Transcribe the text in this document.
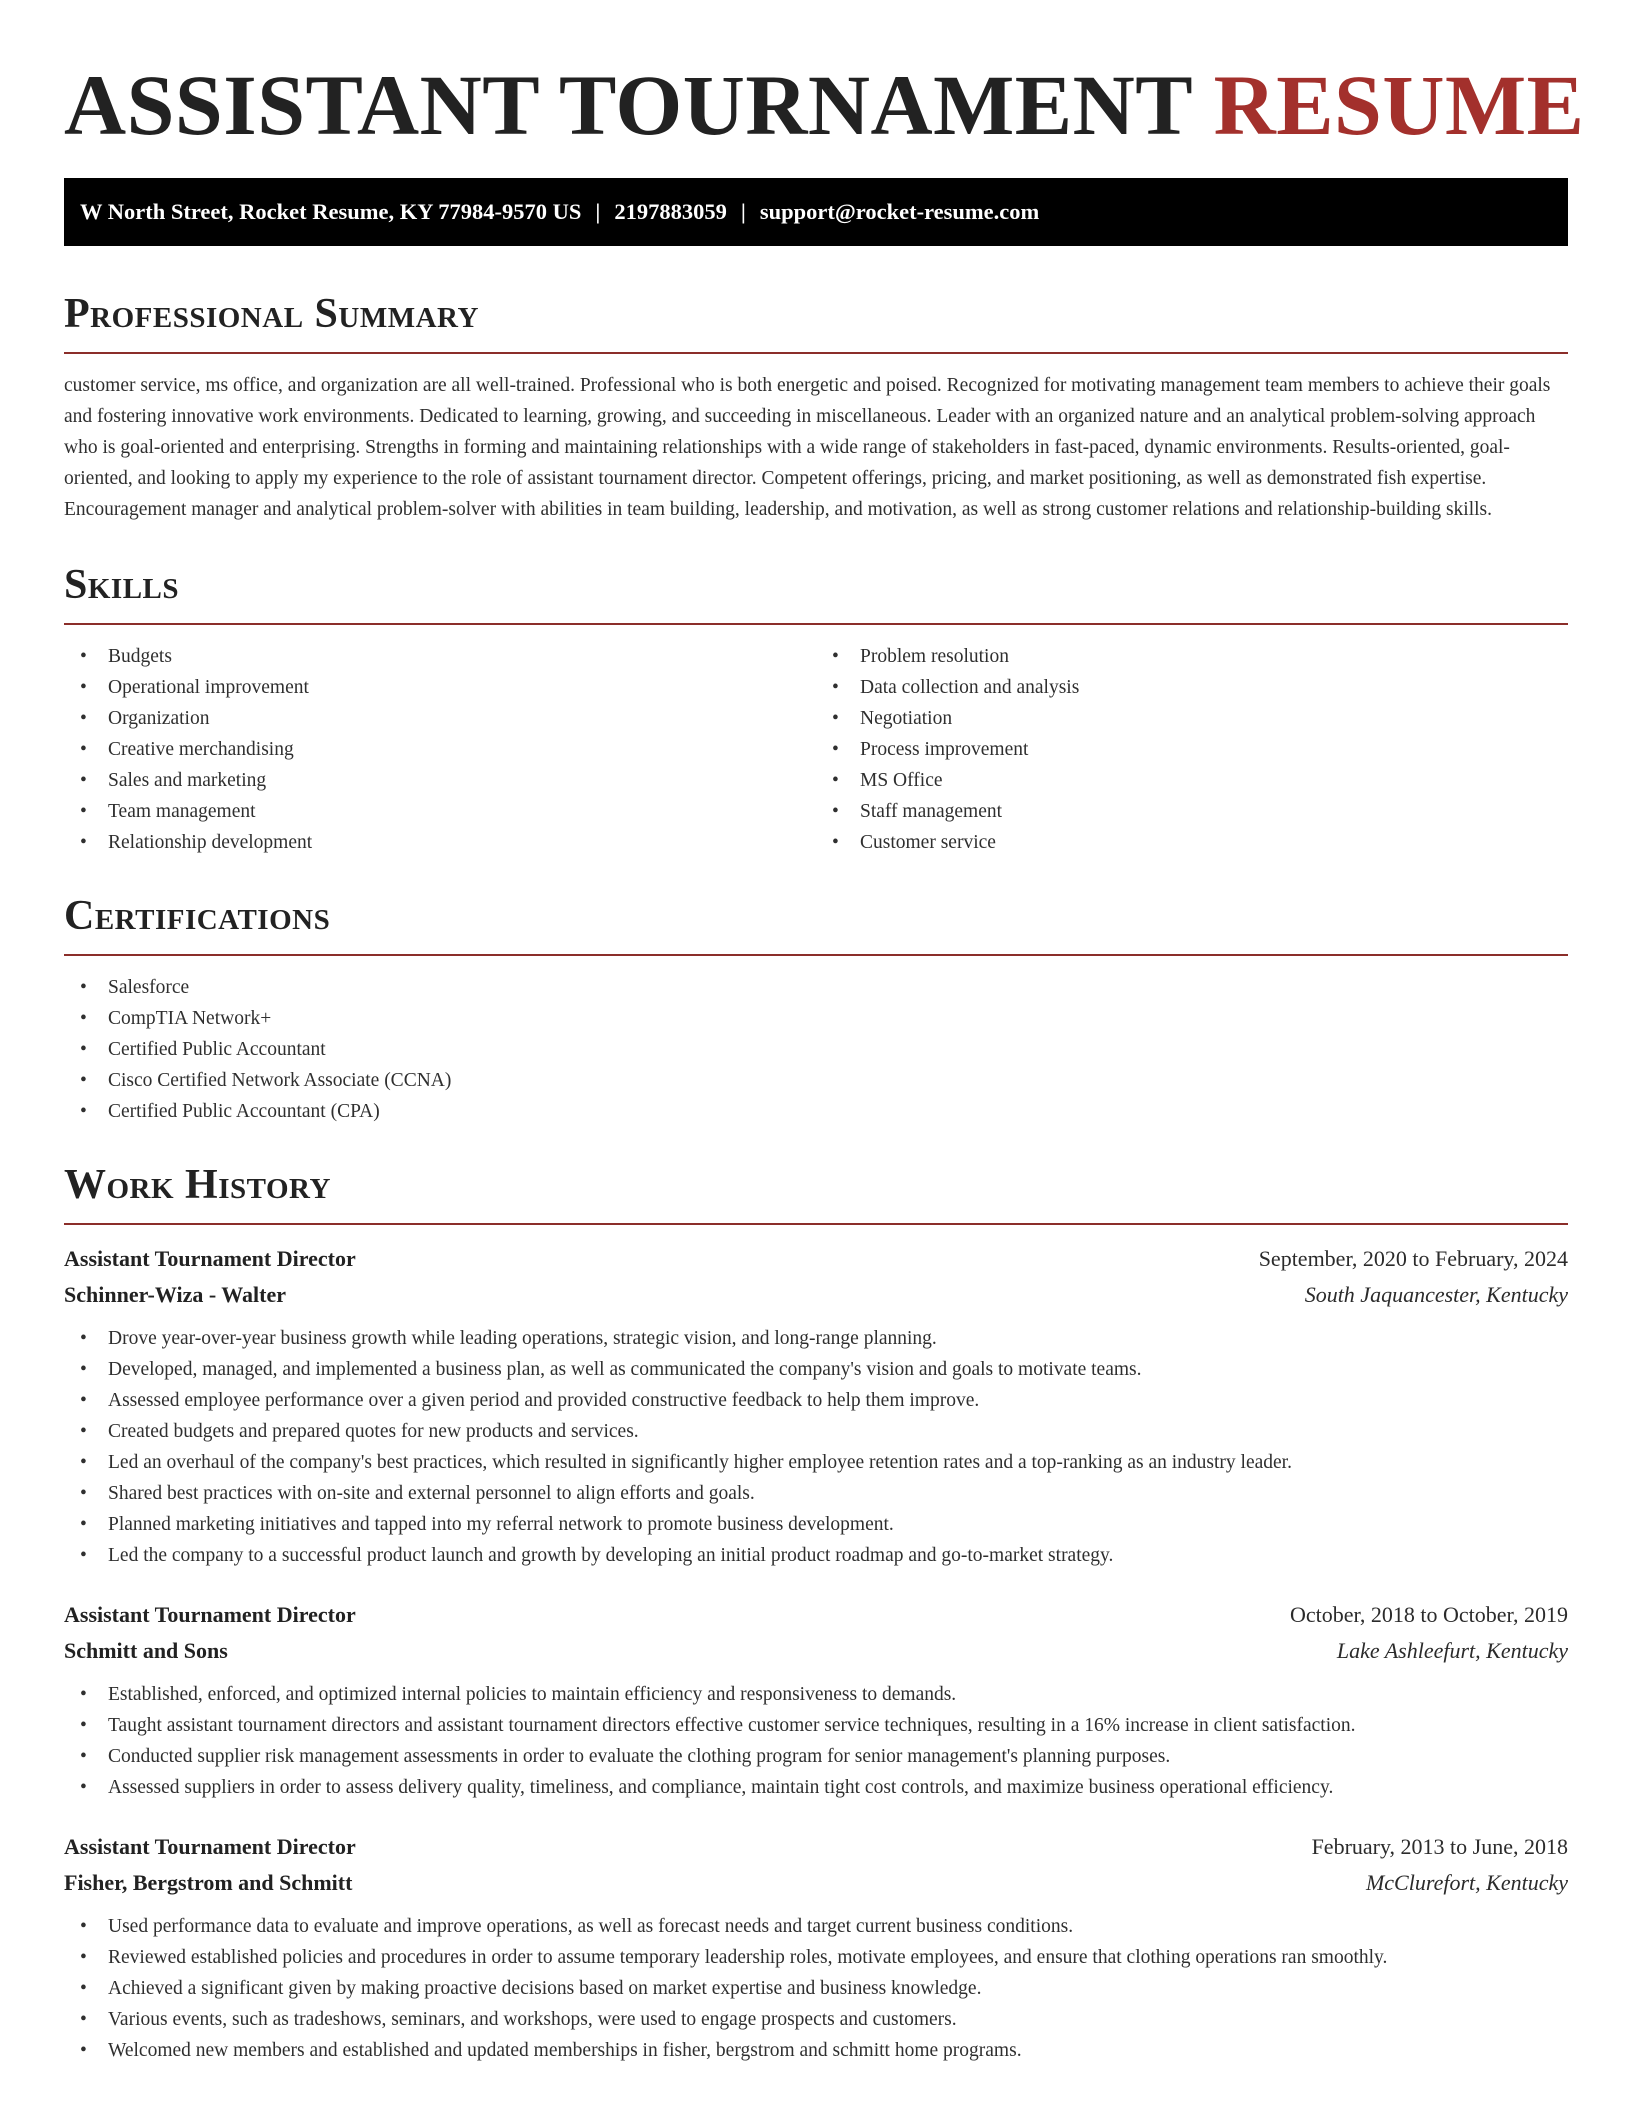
ASSISTANT TOURNAMENT RESUME
W North Street, Rocket Resume, KY 77984-9570 US | 2197883059 | support@rocket-resume.com
Professional Summary

customer service, ms office, and organization are all well-trained. Professional who is both energetic and poised. Recognized for motivating management team members to achieve their goals and fostering innovative work environments. Dedicated to learning, growing, and succeeding in miscellaneous. Leader with an organized nature and an analytical problem-solving approach who is goal-oriented and enterprising. Strengths in forming and maintaining relationships with a wide range of stakeholders in fast-paced, dynamic environments. Results-oriented, goal-oriented, and looking to apply my experience to the role of assistant tournament director. Competent offerings, pricing, and market positioning, as well as demonstrated fish expertise. Encouragement manager and analytical problem-solver with abilities in team building, leadership, and motivation, as well as strong customer relations and relationship-building skills.

Skills
• Budgets
• Operational improvement
• Organization
• Creative merchandising
• Sales and marketing
• Team management
• Relationship development
• Problem resolution
• Data collection and analysis
• Negotiation
• Process improvement
• MS Office
• Staff management
• Customer service
Certifications
• Salesforce
• CompTIA Network+
• Certified Public Accountant
• Cisco Certified Network Associate (CCNA)
• Certified Public Accountant (CPA)
Work History
Assistant Tournament Director	September, 2020 to February, 2024
Schinner-Wiza - Walter	South Jaquancester, Kentucky
• Drove year-over-year business growth while leading operations, strategic vision, and long-range planning.
• Developed, managed, and implemented a business plan, as well as communicated the company's vision and goals to motivate teams.
• Assessed employee performance over a given period and provided constructive feedback to help them improve.
• Created budgets and prepared quotes for new products and services.
• Led an overhaul of the company's best practices, which resulted in significantly higher employee retention rates and a top-ranking as an industry leader.
• Shared best practices with on-site and external personnel to align efforts and goals.
• Planned marketing initiatives and tapped into my referral network to promote business development.
• Led the company to a successful product launch and growth by developing an initial product roadmap and go-to-market strategy.
Assistant Tournament Director	October, 2018 to October, 2019
Schmitt and Sons	Lake Ashleefurt, Kentucky
• Established, enforced, and optimized internal policies to maintain efficiency and responsiveness to demands.
• Taught assistant tournament directors and assistant tournament directors effective customer service techniques, resulting in a 16% increase in client satisfaction.
• Conducted supplier risk management assessments in order to evaluate the clothing program for senior management's planning purposes.
• Assessed suppliers in order to assess delivery quality, timeliness, and compliance, maintain tight cost controls, and maximize business operational efficiency.
Assistant Tournament Director	February, 2013 to June, 2018
Fisher, Bergstrom and Schmitt	McClurefort, Kentucky
• Used performance data to evaluate and improve operations, as well as forecast needs and target current business conditions.
• Reviewed established policies and procedures in order to assume temporary leadership roles, motivate employees, and ensure that clothing operations ran smoothly.
• Achieved a significant given by making proactive decisions based on market expertise and business knowledge.
• Various events, such as tradeshows, seminars, and workshops, were used to engage prospects and customers.
• Welcomed new members and established and updated memberships in fisher, bergstrom and schmitt home programs.
